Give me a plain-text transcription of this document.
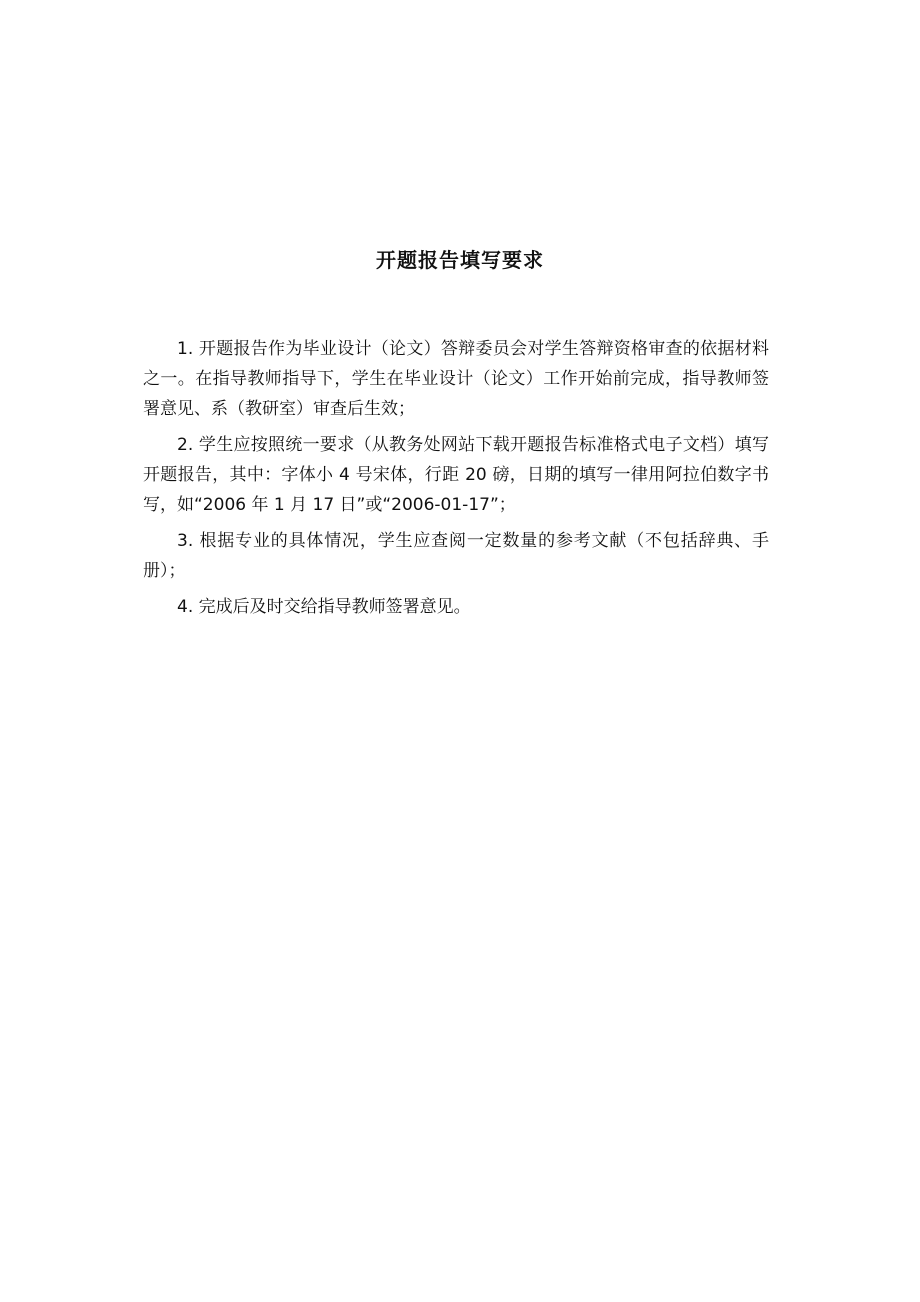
开题报告填写要求

1. 开题报告作为毕业设计（论文）答辩委员会对学生答辩资格审查的依据材料之一。在指导教师指导下，学生在毕业设计（论文）工作开始前完成，指导教师签署意见、系（教研室）审查后生效；

2. 学生应按照统一要求（从教务处网站下载开题报告标准格式电子文档）填写开题报告，其中：字体小 4 号宋体，行距 20 磅，日期的填写一律用阿拉伯数字书写，如“2006 年 1 月 17 日”或“2006-01-17”；

3. 根据专业的具体情况，学生应查阅一定数量的参考文献（不包括辞典、手册）；

4. 完成后及时交给指导教师签署意见。
